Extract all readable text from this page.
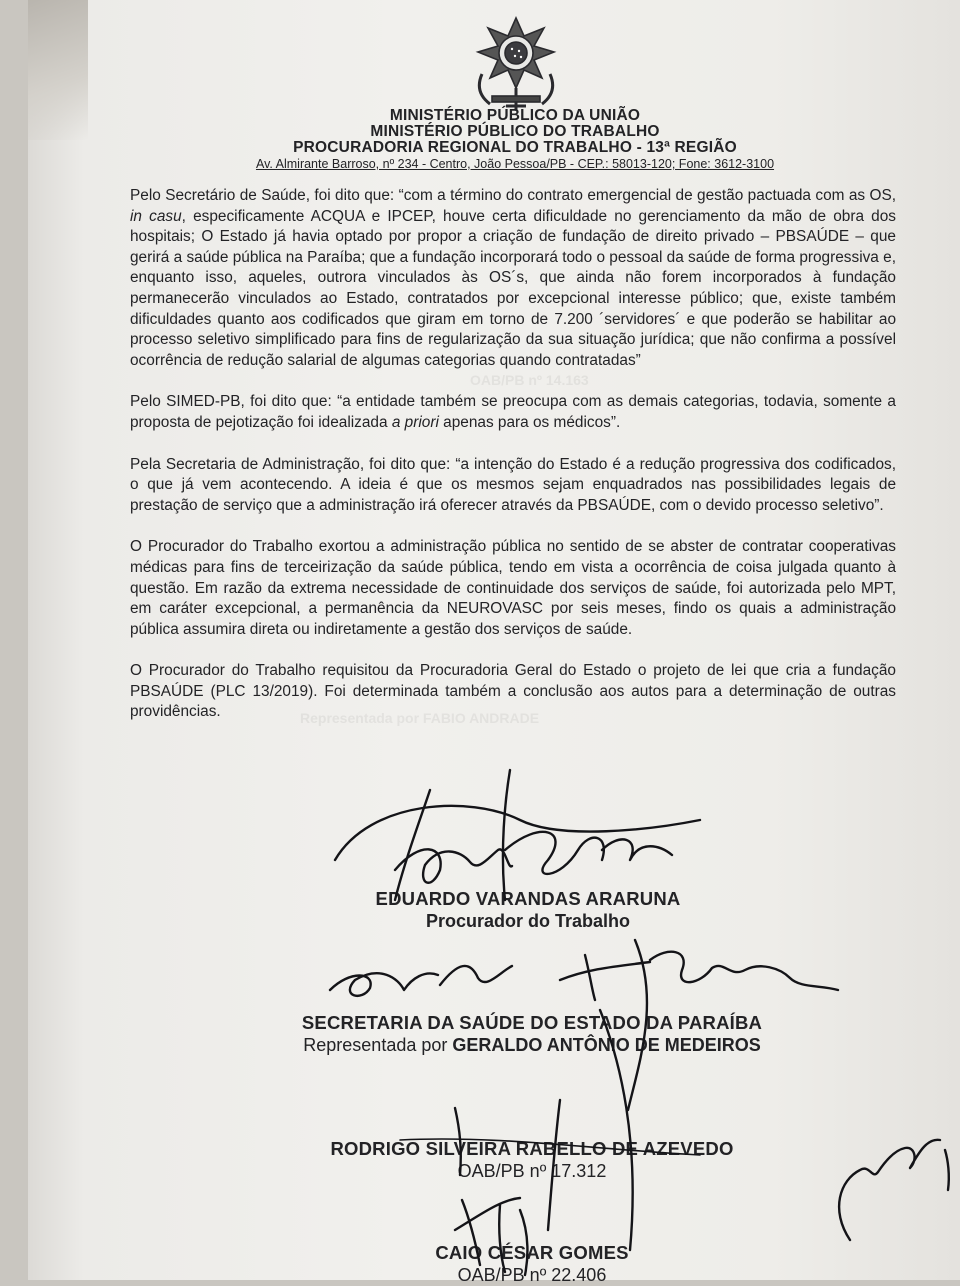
OAB/PB nº 14.163
Representada por FABIO ANDRADE
MINISTÉRIO PÚBLICO DA UNIÃO
MINISTÉRIO PÚBLICO DO TRABALHO
PROCURADORIA REGIONAL DO TRABALHO - 13ª REGIÃO
Av. Almirante Barroso, nº 234 - Centro, João Pessoa/PB - CEP.: 58013-120; Fone: 3612-3100

Pelo Secretário de Saúde, foi dito que: “com a término do contrato emergencial de gestão pactuada com as OS, in casu, especificamente ACQUA e IPCEP, houve certa dificuldade no gerenciamento da mão de obra dos hospitais; O Estado já havia optado por propor a criação de fundação de direito privado – PBSAÚDE – que gerirá a saúde pública na Paraíba; que a fundação incorporará todo o pessoal da saúde de forma progressiva e, enquanto isso, aqueles, outrora vinculados às OS´s, que ainda não forem incorporados à fundação permanecerão vinculados ao Estado, contratados por excepcional interesse público; que, existe também dificuldades quanto aos codificados que giram em torno de 7.200 ´servidores´ e que poderão se habilitar ao processo seletivo simplificado para fins de regularização da sua situação jurídica; que não confirma a possível ocorrência de redução salarial de algumas categorias quando contratadas”

Pelo SIMED-PB, foi dito que: “a entidade também se preocupa com as demais categorias, todavia, somente a proposta de pejotização foi idealizada a priori apenas para os médicos”.

Pela Secretaria de Administração, foi dito que: “a intenção do Estado é a redução progressiva dos codificados, o que já vem acontecendo. A ideia é que os mesmos sejam enquadrados nas possibilidades legais de prestação de serviço que a administração irá oferecer através da PBSAÚDE, com o devido processo seletivo”.

O Procurador do Trabalho exortou a administração pública no sentido de se abster de contratar cooperativas médicas para fins de terceirização da saúde pública, tendo em vista a ocorrência de coisa julgada quanto à questão. Em razão da extrema necessidade de continuidade dos serviços de saúde, foi autorizada pelo MPT, em caráter excepcional, a permanência da NEUROVASC por seis meses, findo os quais a administração pública assumira direta ou indiretamente a gestão dos serviços de saúde.

O Procurador do Trabalho requisitou da Procuradoria Geral do Estado o projeto de lei que cria a fundação PBSAÚDE (PLC 13/2019). Foi determinada também a conclusão aos autos para a determinação de outras providências.

EDUARDO VARANDAS ARARUNA
Procurador do Trabalho
SECRETARIA DA SAÚDE DO ESTADO DA PARAÍBA
Representada por GERALDO ANTÔNIO DE MEDEIROS
RODRIGO SILVEIRA RABELLO DE AZEVEDO
OAB/PB nº 17.312
CAIO CÉSAR GOMES
OAB/PB nº 22.406
